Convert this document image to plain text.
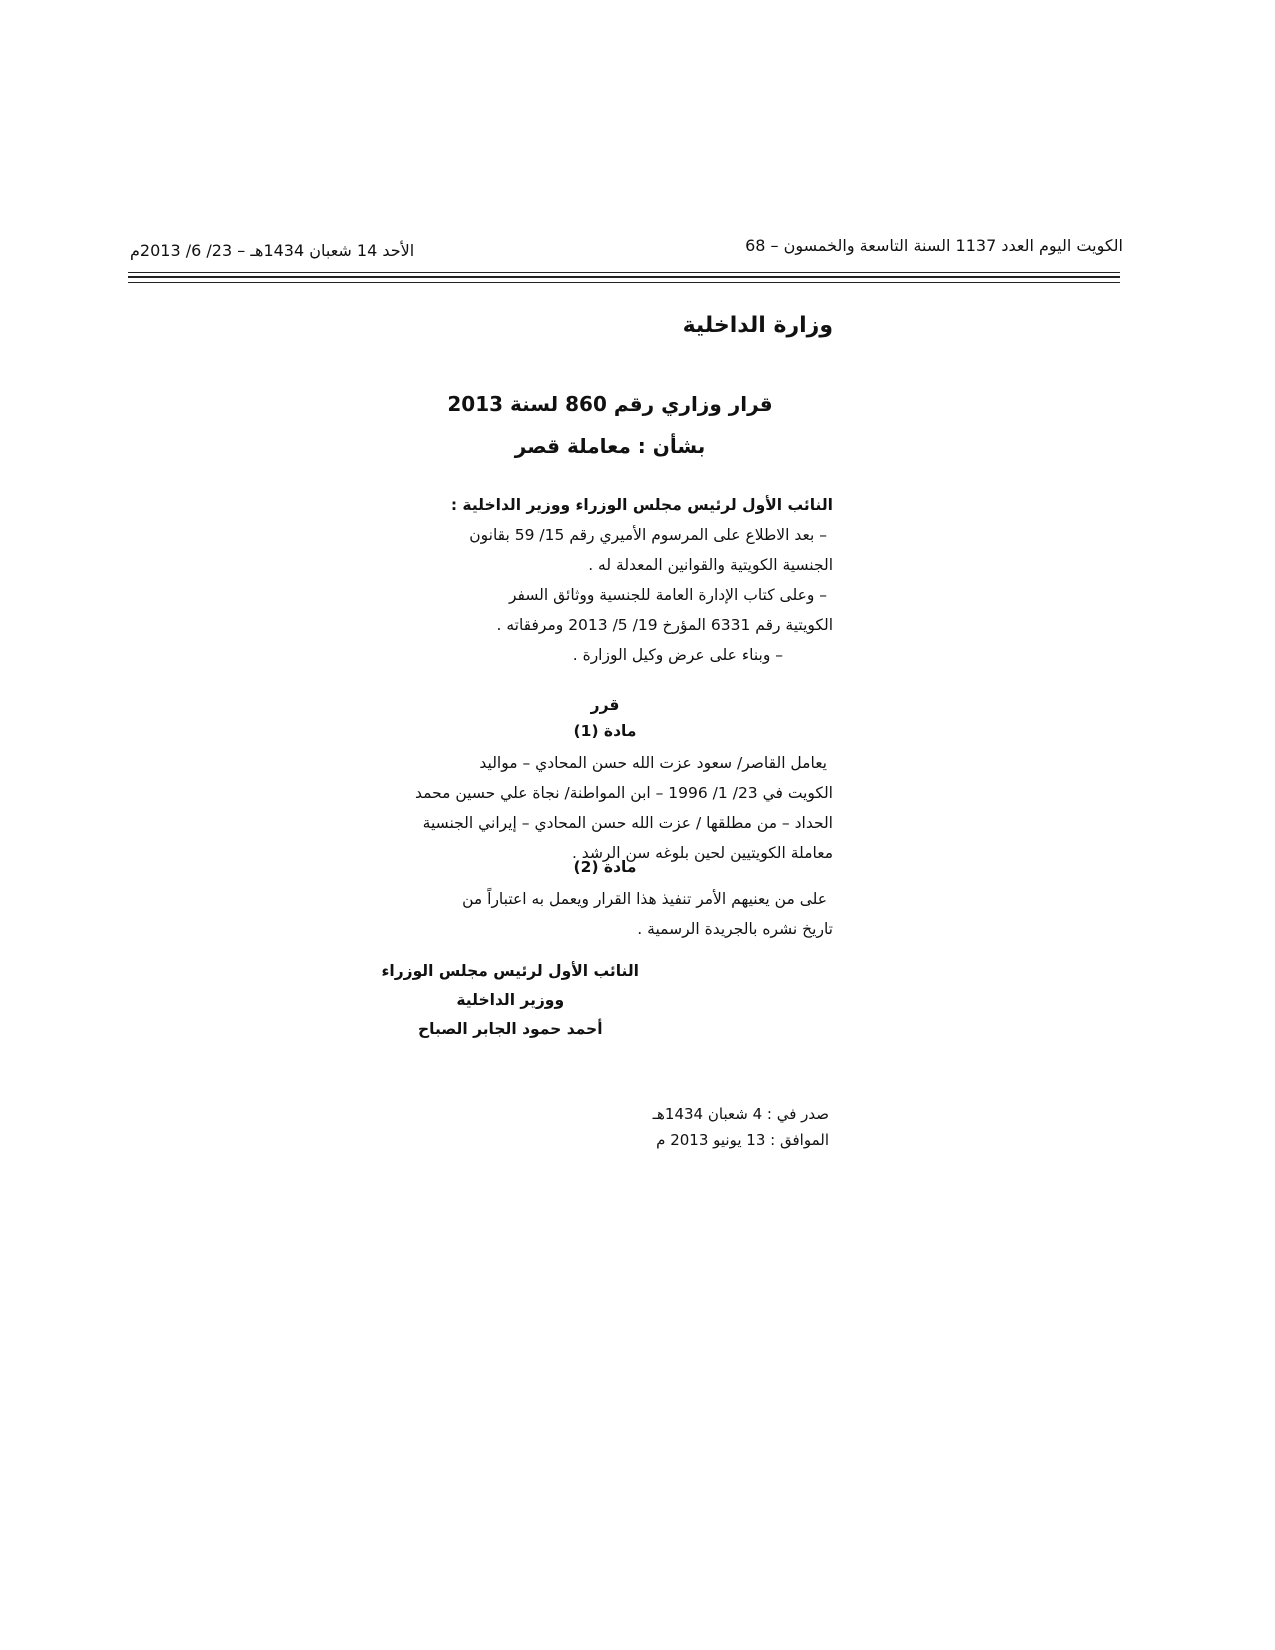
الكويت اليوم العدد 1137 السنة التاسعة والخمسون – 68
الأحد 14 شعبان 1434هـ – 23/ 6/ 2013م
وزارة الداخلية
قرار وزاري رقم 860 لسنة 2013
بشأن : معاملة قصر
النائب الأول لرئيس مجلس الوزراء ووزير الداخلية :
– بعد الاطلاع على المرسوم الأميري رقم 15/ 59 بقانون
الجنسية الكويتية والقوانين المعدلة له .
– وعلى كتاب الإدارة العامة للجنسية ووثائق السفر
الكويتية رقم 6331 المؤرخ 19/ 5/ 2013 ومرفقاته .
– وبناء على عرض وكيل الوزارة .
قرر
مادة (1)
يعامل القاصر/ سعود عزت الله حسن المحادي – مواليد
الكويت في 23/ 1/ 1996 – ابن المواطنة/ نجاة علي حسين محمد
الحداد – من مطلقها / عزت الله حسن المحادي – إيراني الجنسية
معاملة الكويتيين لحين بلوغه سن الرشد .
مادة (2)
على من يعنيهم الأمر تنفيذ هذا القرار ويعمل به اعتباراً من
تاريخ نشره بالجريدة الرسمية .
النائب الأول لرئيس مجلس الوزراء
ووزير الداخلية
أحمد حمود الجابر الصباح
صدر في : 4 شعبان 1434هـ
الموافق : 13 يونيو 2013 م
